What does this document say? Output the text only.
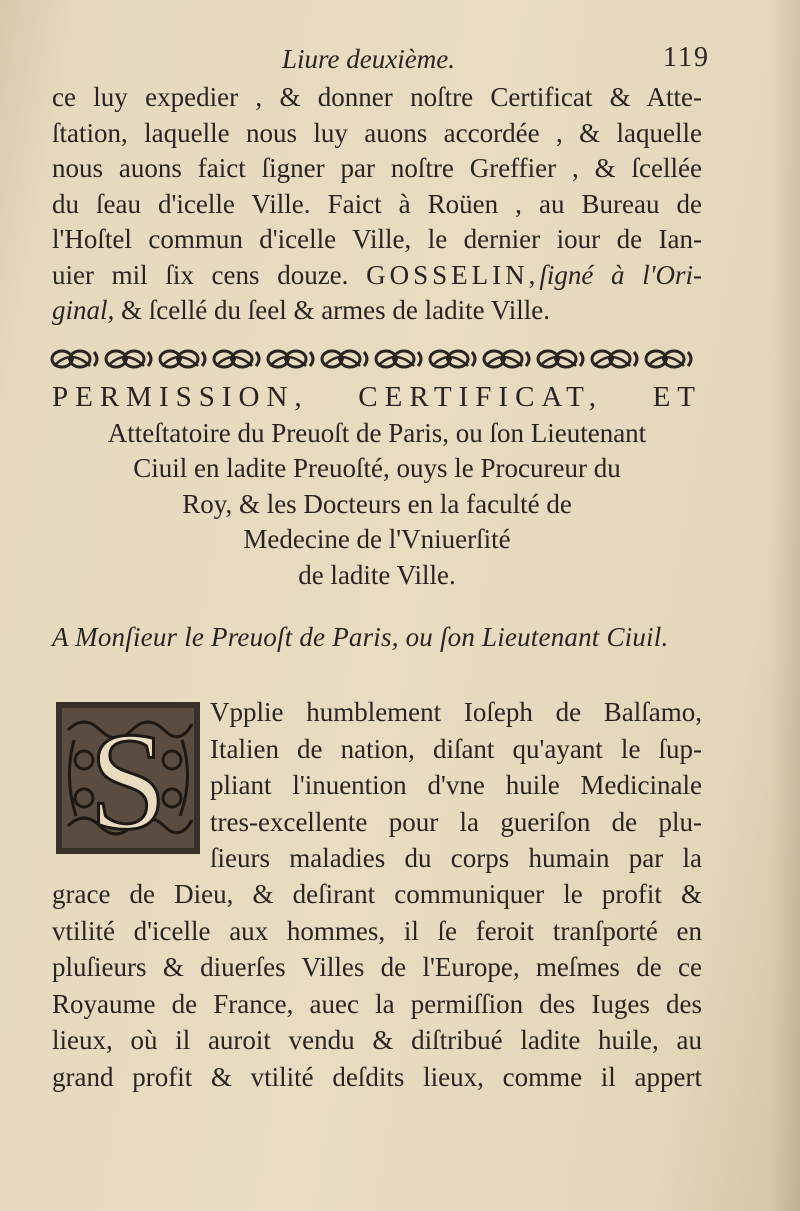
Liure deuxième.	119
ce luy expedier , & donner noſtre Certificat & Atte-
ſtation, laquelle nous luy auons accordée , & laquelle
nous auons faict ſigner par noſtre Greffier , & ſcellée
du ſeau d'icelle Ville. Faict à Roüen , au Bureau de
l'Hoſtel commun d'icelle Ville, le dernier iour de Ian-
uier mil ſix cens douze. GOSSELIN,ſigné à l'Ori-
ginal, & ſcellé du ſeel & armes de ladite Ville.
PERMISSION, CERTIFICAT, ET
Atteſtatoire du Preuoſt de Paris, ou ſon Lieutenant
Ciuil en ladite Preuoſté, ouys le Procureur du
Roy, & les Docteurs en la faculté de
Medecine de l'Vniuerſité
de ladite Ville.
A Monſieur le Preuoſt de Paris, ou ſon Lieutenant Ciuil.
S Vpplie humblement Ioſeph de Balſamo,
Italien de nation, diſant qu'ayant le ſup-
pliant l'inuention d'vne huile Medicinale
tres-excellente pour la gueriſon de plu-
ſieurs maladies du corps humain par la
grace de Dieu, & deſirant communiquer le profit &
vtilité d'icelle aux hommes, il ſe feroit tranſporté en
pluſieurs & diuerſes Villes de l'Europe, meſmes de ce
Royaume de France, auec la permiſſion des Iuges des
lieux, où il auroit vendu & diſtribué ladite huile, au
grand profit & vtilité deſdits lieux, comme il appert
